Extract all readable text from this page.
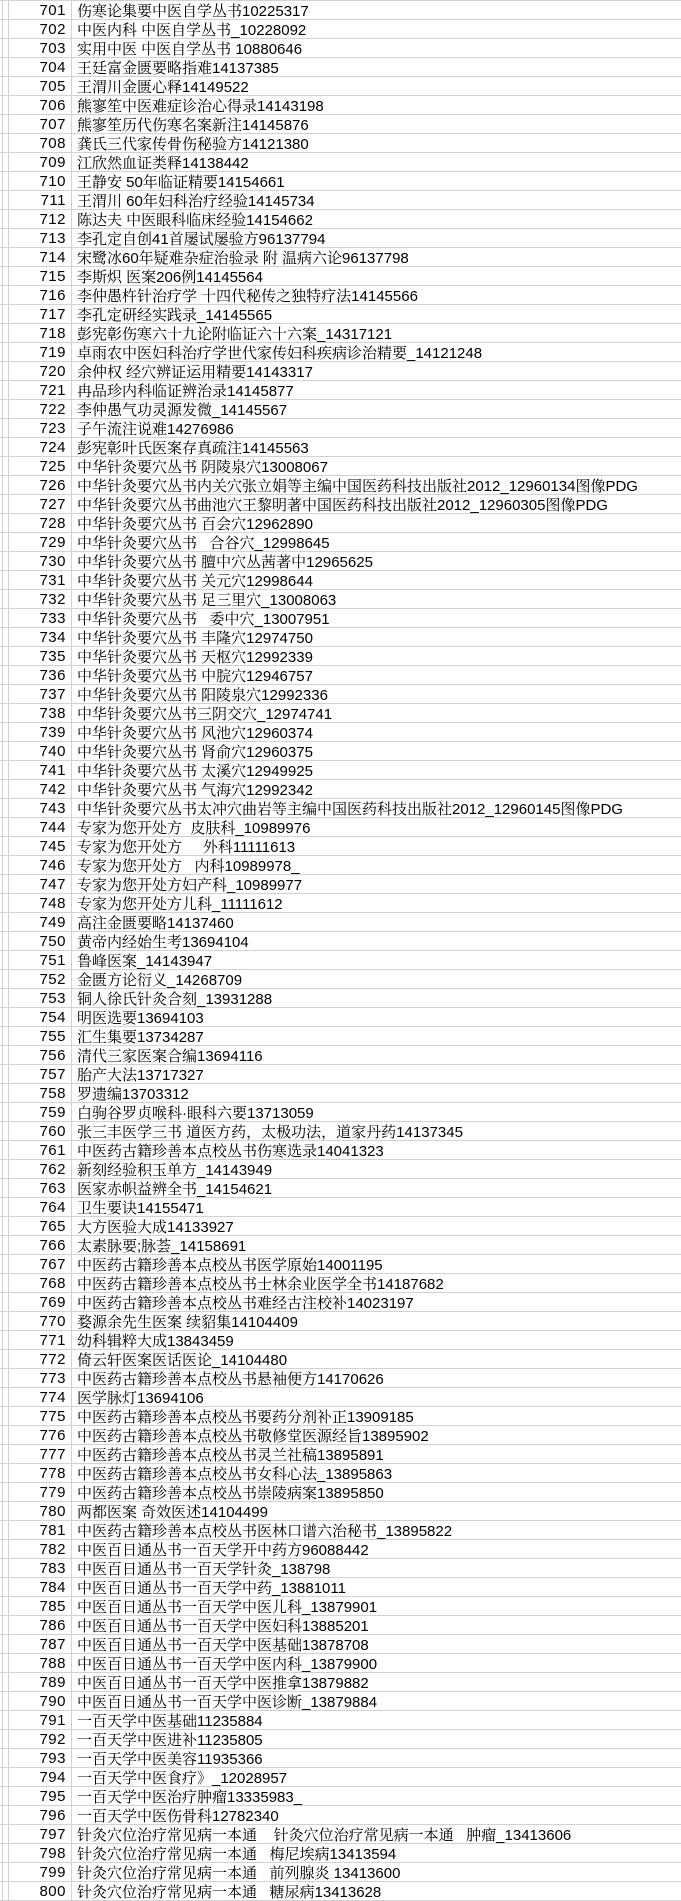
701 伤寒论集要中医自学丛书10225317
702 中医内科 中医自学丛书_10228092
703 实用中医 中医自学丛书 10880646
704 王廷富金匮要略指难14137385
705 王渭川金匮心释14149522
706 熊寥笙中医难症诊治心得录14143198
707 熊寥笙历代伤寒名案新注14145876
708 龚氏三代家传骨伤秘验方14121380
709 江欣然血证类释14138442
710 王静安 50年临证精要14154661
711 王渭川 60年妇科治疗经验14145734
712 陈达夫 中医眼科临床经验14154662
713 李孔定自创41首屡试屡验方96137794
714 宋鹭冰60年疑难杂症治验录 附 温病六论96137798
715 李斯炽 医案206例14145564
716 李仲愚杵针治疗学 十四代秘传之独特疗法14145566
717 李孔定研经实践录_14145565
718 彭宪彰伤寒六十九论附临证六十六案_14317121
719 卓雨农中医妇科治疗学世代家传妇科疾病诊治精要_14121248
720 余仲权 经穴辨证运用精要14143317
721 冉品珍内科临证辨治录14145877
722 李仲愚气功灵源发微_14145567
723 子午流注说难14276986
724 彭宪彰叶氏医案存真疏注14145563
725 中华针灸要穴丛书 阴陵泉穴13008067
726 中华针灸要穴丛书内关穴张立娟等主编中国医药科技出版社2012_12960134图像PDG
727 中华针灸要穴丛书曲池穴王黎明著中国医药科技出版社2012_12960305图像PDG
728 中华针灸要穴丛书 百会穴12962890
729 中华针灸要穴丛书   合谷穴_12998645
730 中华针灸要穴丛书 膻中穴丛茜著中12965625
731 中华针灸要穴丛书 关元穴12998644
732 中华针灸要穴丛书 足三里穴_13008063
733 中华针灸要穴丛书   委中穴_13007951
734 中华针灸要穴丛书 丰隆穴12974750
735 中华针灸要穴丛书 天枢穴12992339
736 中华针灸要穴丛书 中脘穴12946757
737 中华针灸要穴丛书 阳陵泉穴12992336
738 中华针灸要穴丛书三阴交穴_12974741
739 中华针灸要穴丛书 风池穴12960374
740 中华针灸要穴丛书 肾俞穴12960375
741 中华针灸要穴丛书 太溪穴12949925
742 中华针灸要穴丛书 气海穴12992342
743 中华针灸要穴丛书太冲穴曲岩等主编中国医药科技出版社2012_12960145图像PDG
744 专家为您开处方  皮肤科_10989976
745 专家为您开处方     外科11111613
746 专家为您开处方   内科10989978_
747 专家为您开处方妇产科_10989977
748 专家为您开处方儿科_11111612
749 高注金匮要略14137460
750 黄帝内经始生考13694104
751 鲁峰医案_14143947
752 金匮方论衍义_14268709
753 铜人徐氏针灸合刻_13931288
754 明医选要13694103
755 汇生集要13734287
756 清代三家医案合编13694116
757 胎产大法13717327
758 罗遗编13703312
759 白驹谷罗贞喉科·眼科六要13713059
760 张三丰医学三书 道医方药，太极功法，道家丹药14137345
761 中医药古籍珍善本点校丛书伤寒选录14041323
762 新刻经验积玉单方_14143949
763 医家赤帜益辨全书_14154621
764 卫生要诀14155471
765 大方医验大成14133927
766 太素脉要;脉荟_14158691
767 中医药古籍珍善本点校丛书医学原始14001195
768 中医药古籍珍善本点校丛书士林余业医学全书14187682
769 中医药古籍珍善本点校丛书难经古注校补14023197
770 婺源余先生医案 续貂集14104409
771 幼科辑粹大成13843459
772 倚云轩医案医话医论_14104480
773 中医药古籍珍善本点校丛书悬袖便方14170626
774 医学脉灯13694106
775 中医药古籍珍善本点校丛书要药分剂补正13909185
776 中医药古籍珍善本点校丛书敬修堂医源经旨13895902
777 中医药古籍珍善本点校丛书灵兰社稿13895891
778 中医药古籍珍善本点校丛书女科心法_13895863
779 中医药古籍珍善本点校丛书崇陵病案13895850
780 两都医案 奇效医述14104499
781 中医药古籍珍善本点校丛书医林口谱六治秘书_13895822
782 中医百日通丛书一百天学开中药方96088442
783 中医百日通丛书一百天学针灸_138798
784 中医百日通丛书一百天学中药_13881011
785 中医百日通丛书一百天学中医儿科_13879901
786 中医百日通丛书一百天学中医妇科13885201
787 中医百日通丛书一百天学中医基础13878708
788 中医百日通丛书一百天学中医内科_13879900
789 中医百日通丛书一百天学中医推拿13879882
790 中医百日通丛书一百天学中医诊断_13879884
791 一百天学中医基础11235884
792 一百天学中医进补11235805
793 一百天学中医美容11935366
794 一百天学中医食疗》_12028957
795 一百天学中医治疗肿瘤13335983_
796 一百天学中医伤骨科12782340
797 针灸穴位治疗常见病一本通    针灸穴位治疗常见病一本通   肿瘤_13413606
798 针灸穴位治疗常见病一本通   梅尼埃病13413594
799 针灸穴位治疗常见病一本通   前列腺炎 13413600
800 针灸穴位治疗常见病一本通   糖尿病13413628
